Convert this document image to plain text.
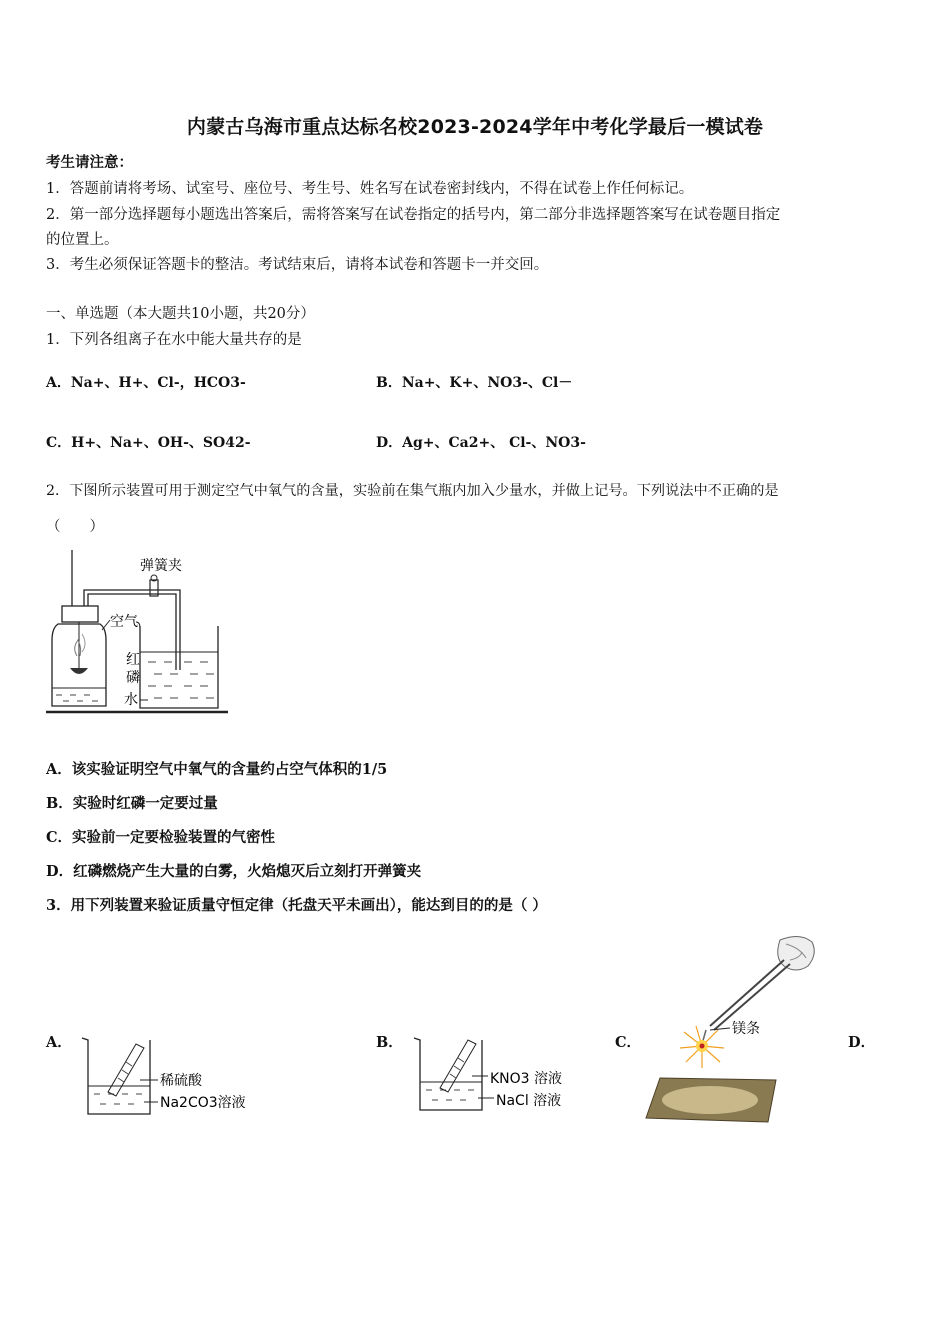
内蒙古乌海市重点达标名校2023-2024学年中考化学最后一模试卷
考生请注意：
1．答题前请将考场、试室号、座位号、考生号、姓名写在试卷密封线内，不得在试卷上作任何标记。
2．第一部分选择题每小题选出答案后，需将答案写在试卷指定的括号内，第二部分非选择题答案写在试卷题目指定
的位置上。
3．考生必须保证答题卡的整洁。考试结束后，请将本试卷和答题卡一并交回。
一、单选题（本大题共10小题，共20分）
1．下列各组离子在水中能大量共存的是
A．Na+、H+、Cl-，HCO3-	B．Na+、K+、NO3-、Cl－
C．H+、Na+、OH-、SO42-	D．Ag+、Ca2+、 Cl-、NO3-
2．下图所示装置可用于测定空气中氧气的含量，实验前在集气瓶内加入少量水，并做上记号。下列说法中不正确的是
（　　）
弹簧夹
空气
红
磷
水
A．该实验证明空气中氧气的含量约占空气体积的1/5
B．实验时红磷一定要过量
C．实验前一定要检验装置的气密性
D．红磷燃烧产生大量的白雾，火焰熄灭后立刻打开弹簧夹
3．用下列装置来验证质量守恒定律（托盘天平未画出），能达到目的的是（ ）
A．	B．	C．	D．
稀硫酸
Na2CO3溶液
KNO3 溶液
NaCl 溶液
镁条
